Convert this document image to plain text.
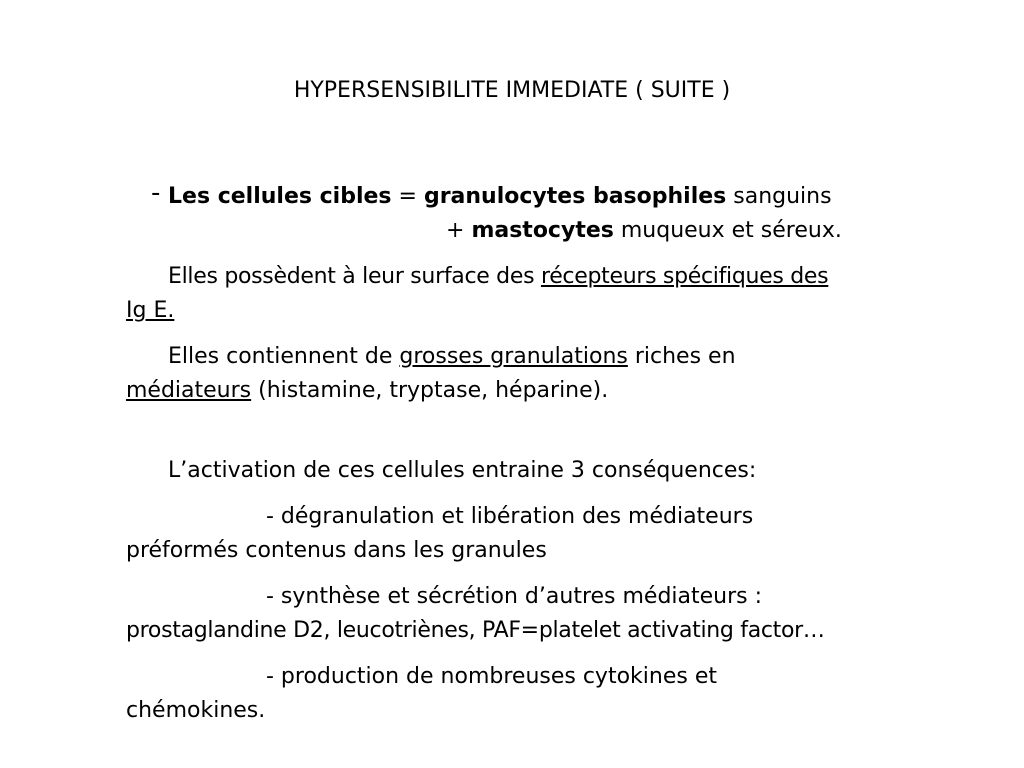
HYPERSENSIBILITE IMMEDIATE ( SUITE )
- Les cellules cibles = granulocytes basophiles sanguins
+ mastocytes muqueux et séreux.
Elles possèdent à leur surface des récepteurs spécifiques des
Ig E.
Elles contiennent de grosses granulations riches en
médiateurs (histamine, tryptase, héparine).
L’activation de ces cellules entraine 3 conséquences:
- dégranulation et libération des médiateurs
préformés contenus dans les granules
- synthèse et sécrétion d’autres médiateurs :
prostaglandine D2, leucotriènes, PAF=platelet activating factor…
- production de nombreuses cytokines et
chémokines.
